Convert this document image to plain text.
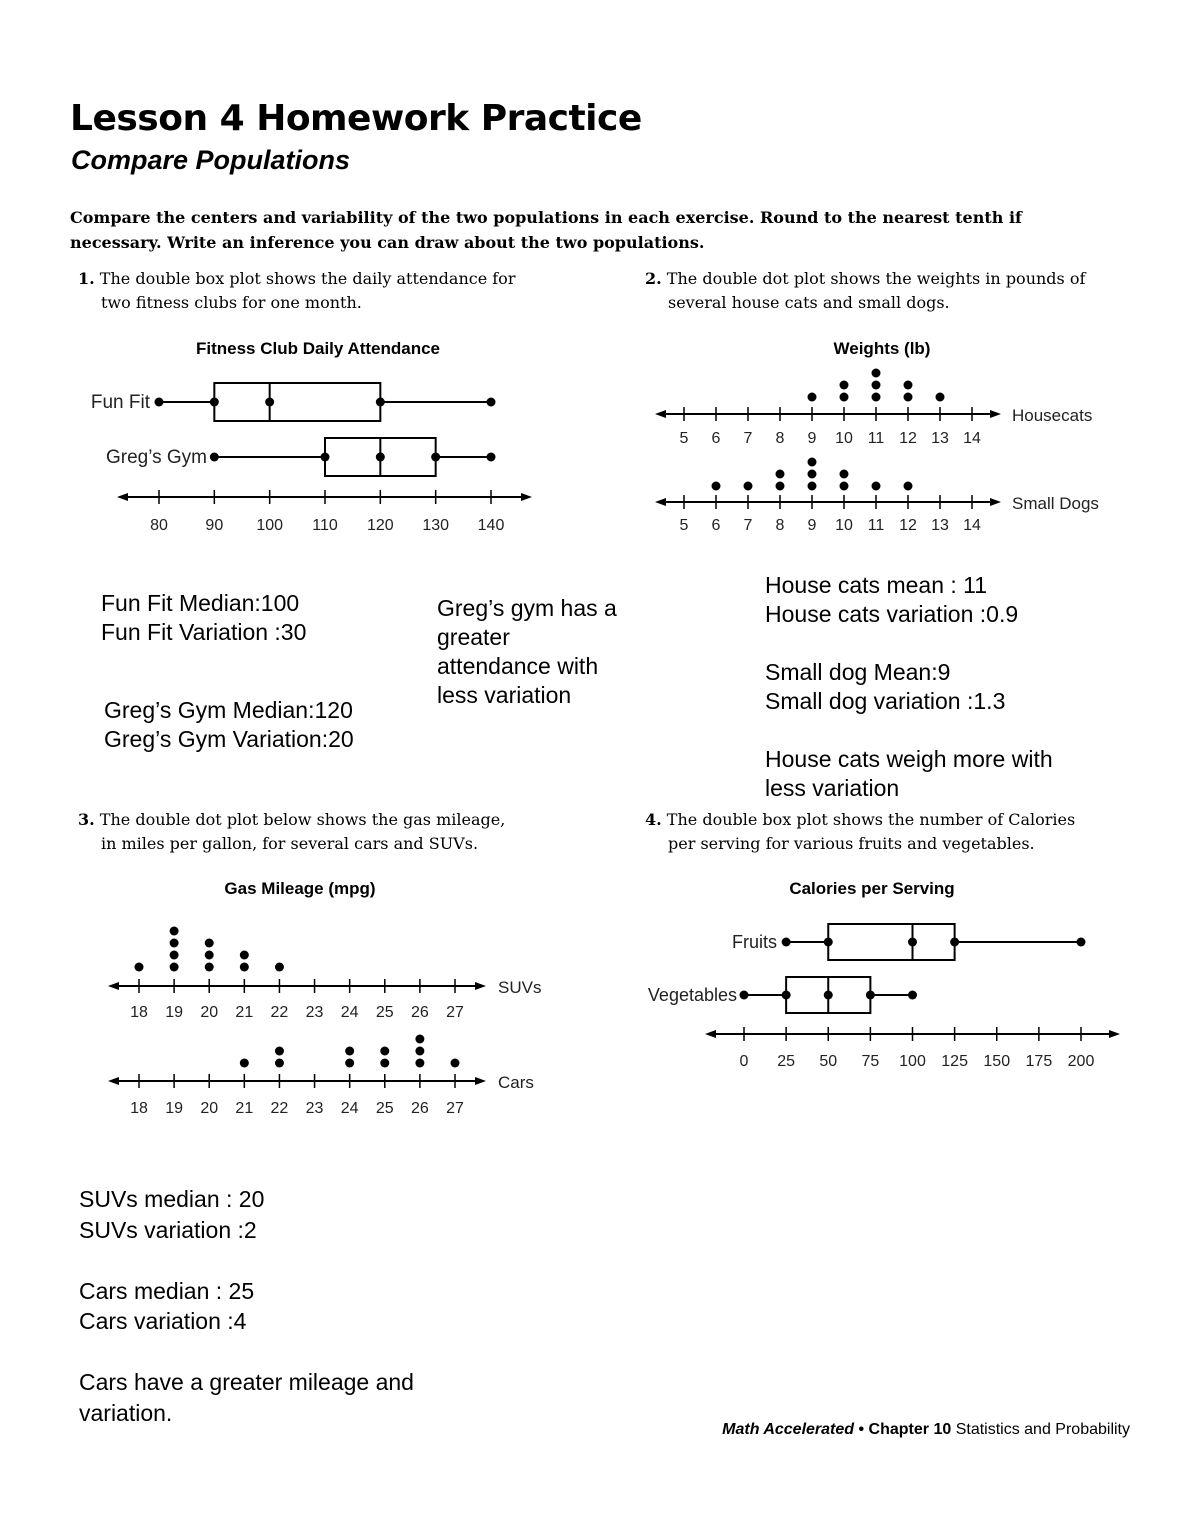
Lesson 4 Homework Practice
Compare Populations
Compare the centers and variability of the two populations in each exercise. Round to the nearest tenth if necessary. Write an inference you can draw about the two populations.
1. The double box plot shows the daily attendance for
two fitness clubs for one month.
2. The double dot plot shows the weights in pounds of
several house cats and small dogs.
3. The double dot plot below shows the gas mileage,
in miles per gallon, for several cars and SUVs.
4. The double box plot shows the number of Calories
per serving for various fruits and vegetables.
Fitness Club Daily Attendance	Weights (lb)
Gas Mileage (mpg)	Calories per Serving
80 90 100 110 120 130 140
Fun Fit
Greg’s Gym
5 6 7 8 9 10 11 12 13 14
Housecats
5 6 7 8 9 10 11 12 13 14
Small Dogs
18 19 20 21 22 23 24 25 26 27
SUVs
18 19 20 21 22 23 24 25 26 27
Cars
0 25 50 75 100 125 150 175 200
Fruits
Vegetables
Fun Fit Median:100
Fun Fit Variation :30
Greg’s Gym Median:120
Greg’s Gym Variation:20
Greg’s gym has a
greater
attendance with
less variation
House cats mean : 11
House cats variation :0.9
Small dog Mean:9
Small dog variation :1.3
House cats weigh more with
less variation
SUVs median : 20
SUVs variation :2
Cars median : 25
Cars variation :4
Cars have a greater mileage and
variation.
Math Accelerated • Chapter 10 Statistics and Probability
